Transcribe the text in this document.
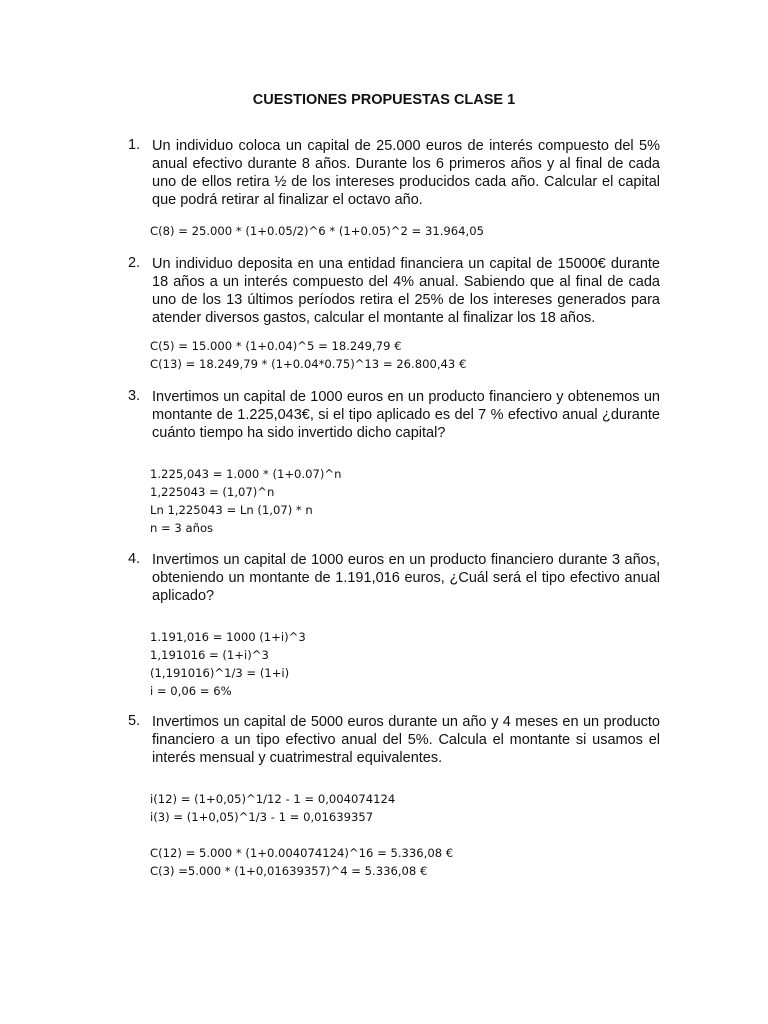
CUESTIONES PROPUESTAS CLASE 1
1. Un individuo coloca un capital de 25.000 euros de interés compuesto del 5% anual efectivo durante 8 años. Durante los 6 primeros años y al final de cada uno de ellos retira ½ de los intereses producidos cada año. Calcular el capital que podrá retirar al finalizar el octavo año.
C(8) = 25.000 * (1+0.05/2)^6 * (1+0.05)^2 = 31.964,05
2. Un individuo deposita en una entidad financiera un capital de 15000€ durante 18 años a un interés compuesto del 4% anual. Sabiendo que al final de cada uno de los 13 últimos períodos retira el 25% de los intereses generados para atender diversos gastos, calcular el montante al finalizar los 18 años.
C(5) = 15.000 * (1+0.04)^5 = 18.249,79 €
C(13) = 18.249,79 * (1+0.04*0.75)^13 = 26.800,43 €
3. Invertimos un capital de 1000 euros en un producto financiero y obtenemos un montante de 1.225,043€, si el tipo aplicado es del 7 % efectivo anual ¿durante cuánto tiempo ha sido invertido dicho capital?
1.225,043 = 1.000 * (1+0.07)^n
1,225043 = (1,07)^n
Ln 1,225043 = Ln (1,07) * n
n = 3 años
4. Invertimos un capital de 1000 euros en un producto financiero durante 3 años, obteniendo un montante de 1.191,016 euros, ¿Cuál será el tipo efectivo anual aplicado?
1.191,016 = 1000 (1+i)^3
1,191016 = (1+i)^3
(1,191016)^1/3 = (1+i)
i = 0,06 = 6%
5. Invertimos un capital de 5000 euros durante un año y 4 meses en un producto financiero a un tipo efectivo anual del 5%. Calcula el montante si usamos el interés mensual y cuatrimestral equivalentes.
i(12) = (1+0,05)^1/12 - 1 = 0,004074124
i(3) = (1+0,05)^1/3 - 1 = 0,01639357
C(12) = 5.000 * (1+0.004074124)^16 = 5.336,08 €
C(3) =5.000 * (1+0,01639357)^4 = 5.336,08 €
